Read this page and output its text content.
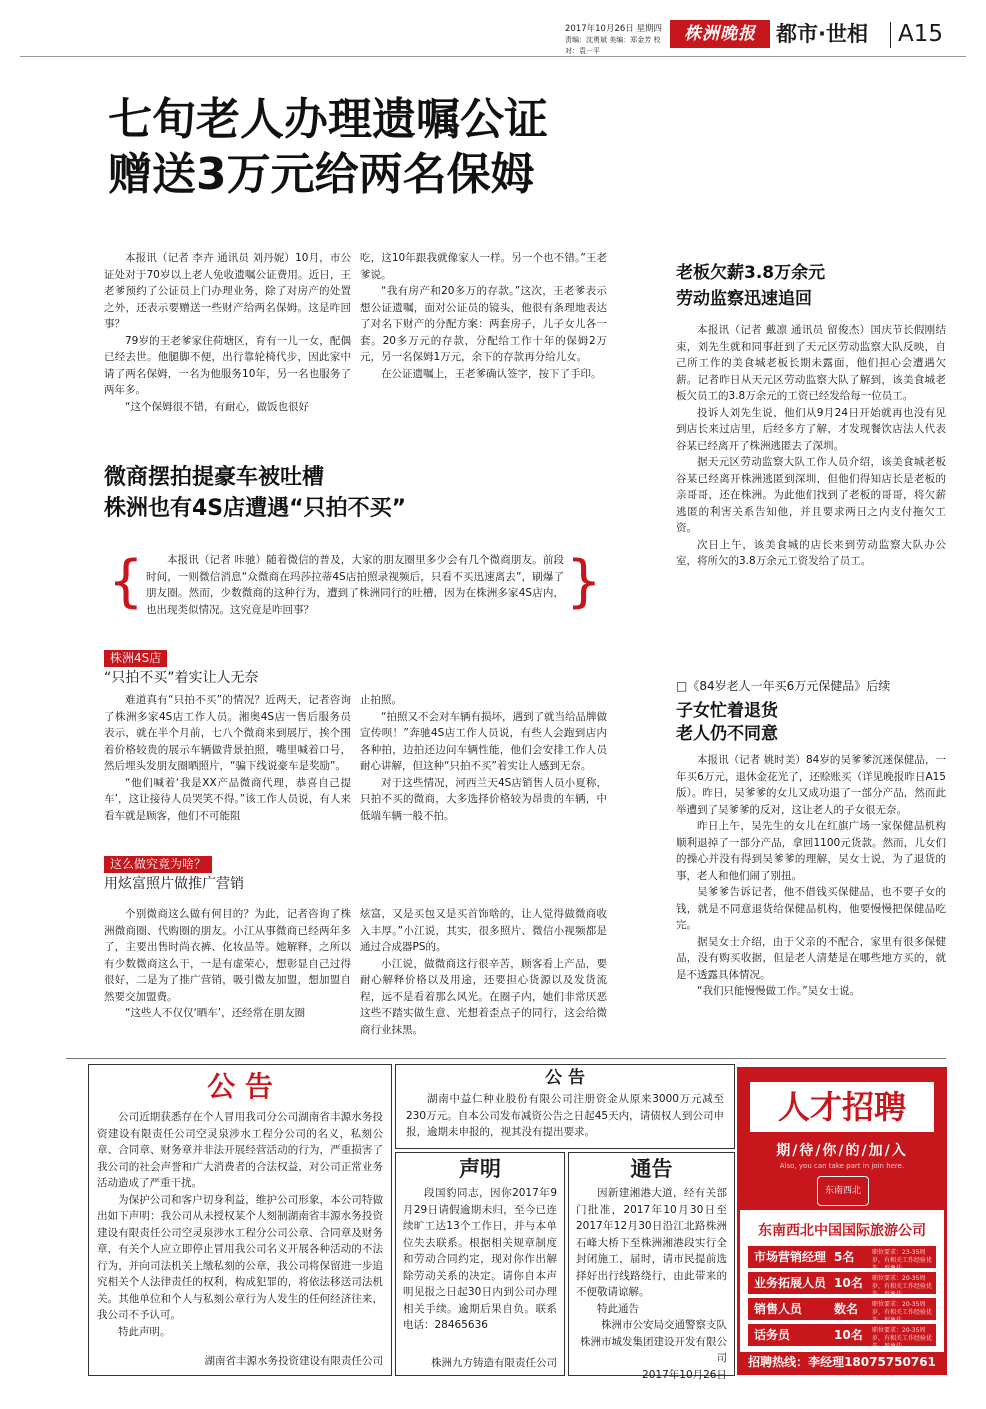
2017年10月26日 星期四
责编：沈勇斌 美编：郑金芳 校对：袁一平
株洲晚报 都市·世相 A15
七旬老人办理遗嘱公证
赠送3万元给两名保姆

本报讯（记者 李卉 通讯员 刘丹妮）10月，市公证处对于70岁以上老人免收遗嘱公证费用。近日，王老爹预约了公证员上门办理业务，除了对房产的处置之外，还表示要赠送一些财产给两名保姆。这是咋回事？

79岁的王老爹家住荷塘区，育有一儿一女，配偶已经去世。他腿脚不便，出行靠轮椅代步，因此家中请了两名保姆，一名为他服务10年，另一名也服务了两年多。

“这个保姆很不错，有耐心，做饭也很好

吃，这10年跟我就像家人一样。另一个也不错。”王老爹说。

“我有房产和20多万的存款。”这次，王老爹表示想公证遗嘱，面对公证员的镜头，他很有条理地表达了对名下财产的分配方案：两套房子，儿子女儿各一套。20多万元的存款，分配给工作十年的保姆2万元，另一名保姆1万元，余下的存款再分给儿女。

在公证遗嘱上，王老爹确认签字，按下了手印。

老板欠薪3.8万余元
劳动监察迅速追回

本报讯（记者 戴凛 通讯员 留俊杰）国庆节长假刚结束，刘先生就和同事赶到了天元区劳动监察大队反映，自己所工作的美食城老板长期未露面，他们担心会遭遇欠薪。记者昨日从天元区劳动监察大队了解到，该美食城老板欠员工的3.8万余元的工资已经发给每一位员工。

投诉人刘先生说，他们从9月24日开始就再也没有见到店长来过店里，后经多方了解，才发现餐饮店法人代表谷某已经离开了株洲逃匿去了深圳。

据天元区劳动监察大队工作人员介绍，该美食城老板谷某已经离开株洲逃匿到深圳，但他们得知店长是老板的亲哥哥，还在株洲。为此他们找到了老板的哥哥，将欠薪逃匿的利害关系告知他，并且要求两日之内支付拖欠工资。

次日上午，该美食城的店长来到劳动监察大队办公室，将所欠的3.8万余元工资发给了员工。

微商摆拍提豪车被吐槽
株洲也有4S店遭遇“只拍不买”
{	}

本报讯（记者 咔驰）随着微信的普及，大家的朋友圈里多少会有几个微商朋友。前段时间，一则微信消息“众微商在玛莎拉蒂4S店拍照录视频后，只看不买迅速离去”，刷爆了朋友圈。然而，少数微商的这种行为，遭到了株洲同行的吐槽，因为在株洲多家4S店内，也出现类似情况。这究竟是咋回事？

株洲4S店
“只拍不买”着实让人无奈

难道真有“只拍不买”的情况？近两天，记者咨询了株洲多家4S店工作人员。湘奥4S店一售后服务员表示，就在半个月前，七八个微商来到展厅，挨个围着价格较贵的展示车辆做背景拍照，嘴里喊着口号，然后埋头发朋友圈晒照片，“骗下线说豪车是奖励”。

“他们喊着‘我是XX产品微商代理，恭喜自己提车’，这让接待人员哭笑不得。”该工作人员说，有人来看车就是顾客，他们不可能阻

止拍照。

“拍照又不会对车辆有损坏，遇到了就当给品牌做宣传呗！”奔驰4S店工作人员说，有些人会跑到店内各种拍，边拍还边问车辆性能，他们会安排工作人员耐心讲解，但这种“只拍不买”着实让人感到无奈。

对于这些情况，河西兰天4S店销售人员小夏称，只拍不买的微商，大多选择价格较为昂贵的车辆，中低端车辆一般不拍。

这么做究竟为啥？
用炫富照片做推广营销

个别微商这么做有何目的？为此，记者咨询了株洲微商圈、代购圈的朋友。小江从事微商已经两年多了，主要出售时尚衣裤、化妆品等。她解释，之所以有少数微商这么干，一是有虚荣心，想彰显自己过得很好，二是为了推广营销，吸引微友加盟，想加盟自然要交加盟费。

“这些人不仅仅‘晒车’，还经常在朋友圈

炫富，又是买包又是买首饰啥的，让人觉得做微商收入丰厚。”小江说，其实，很多照片、微信小视频都是通过合成器PS的。

小江说，做微商这行很辛苦，顾客看上产品，要耐心解释价格以及用途，还要担心货源以及发货流程，远不是看着那么风光。在圈子内，她们非常厌恶这些不踏实做生意、光想着歪点子的同行，这会给微商行业抹黑。

□《84岁老人一年买6万元保健品》后续
子女忙着退货
老人仍不同意

本报讯（记者 姚时美）84岁的吴爹爹沉迷保健品，一年买6万元，退休金花光了，还赊账买（详见晚报昨日A15版）。昨日，吴爹爹的女儿又成功退了一部分产品，然而此举遭到了吴爹爹的反对，这让老人的子女很无奈。

昨日上午，吴先生的女儿在红旗广场一家保健品机构顺利退掉了一部分产品，拿回1100元货款。然而，儿女们的操心并没有得到吴爹爹的理解，吴女士说，为了退货的事，老人和他们闹了别扭。

吴爹爹告诉记者，他不借钱买保健品，也不要子女的钱，就是不同意退货给保健品机构，他要慢慢把保健品吃完。

据吴女士介绍，由于父亲的不配合，家里有很多保健品，没有购买收据，但是老人清楚是在哪些地方买的，就是不透露具体情况。

“我们只能慢慢做工作。”吴女士说。

公 告

公司近期获悉存在个人冒用我司分公司湖南省丰源水务投资建设有限责任公司空灵泉涉水工程分公司的名义，私刻公章、合同章、财务章并非法开展经营活动的行为，严重损害了我公司的社会声誉和广大消费者的合法权益，对公司正常业务活动造成了严重干扰。

为保护公司和客户切身利益，维护公司形象，本公司特做出如下声明：我公司从未授权某个人刻制湖南省丰源水务投资建设有限责任公司空灵泉涉水工程分公司公章、合同章及财务章，有关个人应立即停止冒用我公司名义开展各种活动的不法行为，并向司法机关上缴私刻的公章，我公司将保留进一步追究相关个人法律责任的权利，构成犯罪的，将依法移送司法机关。其他单位和个人与私刻公章行为人发生的任何经济往来，我公司不予认可。

特此声明。

湖南省丰源水务投资建设有限责任公司
公 告

湖南中益仁种业股份有限公司注册资金从原来3000万元减至230万元。自本公司发布减资公告之日起45天内，请债权人到公司申报，逾期未申报的，视其没有提出要求。

声明

段国豹同志，因你2017年9月29日请假逾期未归，至今已连续旷工达13个工作日，并与本单位失去联系。根据相关规章制度和劳动合同约定，现对你作出解除劳动关系的决定。请你自本声明见报之日起30日内到公司办理相关手续。逾期后果自负。联系电话：28465636

株洲九方铸造有限责任公司
通告

因新建湘港大道，经有关部门批准，2017年10月30日至2017年12月30日沿江北路株洲石峰大桥下至株洲湘港段实行全封闭施工，届时，请市民提前选择好出行线路绕行，由此带来的不便敬请谅解。

特此通告

株洲市公安局交通警察支队
株洲市城发集团建设开发有限公司
2017年10月26日
人才招聘
期/待/你/的/加/入
Also, you can take part in join here.
东南西北
东南西北中国国际旅游公司
市场营销经理 5名	职位要求：23-35周岁，有相关工作经验优先，形象佳。
业务拓展人员 10名 职位要求：20-35周岁，有相关工作经验优先，形象佳。
销售人员	数名 职位要求：20-35周岁，有相关工作经验优先，形象佳。
话务员	10名 职位要求：20-35周岁，有相关工作经验优先，形象佳。
招聘热线：李经理18075750761
